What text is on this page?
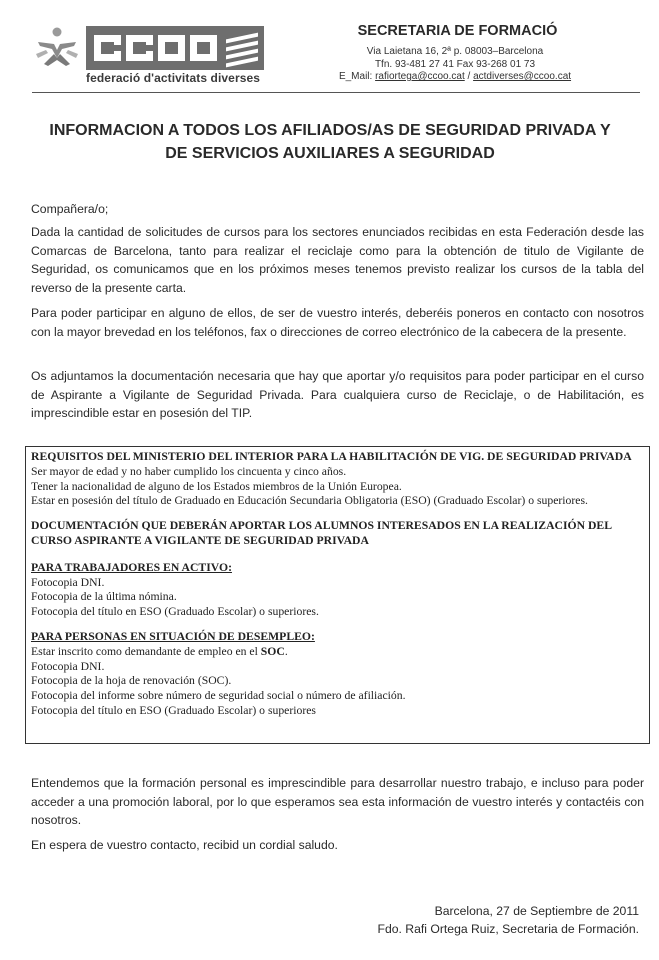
federació d'activitats diverses
SECRETARIA DE FORMACIÓ
Via Laietana 16, 2ª p. 08003–Barcelona
Tfn. 93-481 27 41 Fax 93-268 01 73
E_Mail: rafiortega@ccoo.cat / actdiverses@ccoo.cat
INFORMACION A TODOS LOS AFILIADOS/AS DE SEGURIDAD PRIVADA Y
DE SERVICIOS AUXILIARES A SEGURIDAD
Compañera/o;
Dada la cantidad de solicitudes de cursos para los sectores enunciados recibidas en esta Federación desde las Comarcas de Barcelona, tanto para realizar el reciclaje como para la obtención de titulo de Vigilante de Seguridad, os comunicamos que en los próximos meses tenemos previsto realizar los cursos de la tabla del reverso de la presente carta.
Para poder participar en alguno de ellos, de ser de vuestro interés, deberéis poneros en contacto con nosotros con la mayor brevedad en los teléfonos, fax o direcciones de correo electrónico de la cabecera de la presente.
Os adjuntamos la documentación necesaria que hay que aportar y/o requisitos para poder participar en el curso de Aspirante a Vigilante de Seguridad Privada. Para cualquiera curso de Reciclaje, o de Habilitación, es imprescindible estar en posesión del TIP.
REQUISITOS DEL MINISTERIO DEL INTERIOR PARA LA HABILITACIÓN DE VIG. DE SEGURIDAD PRIVADA
Ser mayor de edad y no haber cumplido los cincuenta y cinco años.
Tener la nacionalidad de alguno de los Estados miembros de la Unión Europea.
Estar en posesión del título de Graduado en Educación Secundaria Obligatoria (ESO) (Graduado Escolar) o superiores.
DOCUMENTACIÓN QUE DEBERÁN APORTAR LOS ALUMNOS INTERESADOS EN LA REALIZACIÓN DEL CURSO ASPIRANTE A VIGILANTE DE SEGURIDAD PRIVADA
PARA TRABAJADORES EN ACTIVO:
Fotocopia DNI.
Fotocopia de la última nómina.
Fotocopia del título en ESO (Graduado Escolar) o superiores.
PARA PERSONAS EN SITUACIÓN DE DESEMPLEO:
Estar inscrito como demandante de empleo en el SOC.
Fotocopia DNI.
Fotocopia de la hoja de renovación (SOC).
Fotocopia del informe sobre número de seguridad social o número de afiliación.
Fotocopia del título en ESO (Graduado Escolar) o superiores
Entendemos que la formación personal es imprescindible para desarrollar nuestro trabajo, e incluso para poder acceder a una promoción laboral, por lo que esperamos sea esta información de vuestro interés y contactéis con nosotros.
En espera de vuestro contacto, recibid un cordial saludo.
Barcelona, 27 de Septiembre de 2011
Fdo. Rafi Ortega Ruiz, Secretaria de Formación.
